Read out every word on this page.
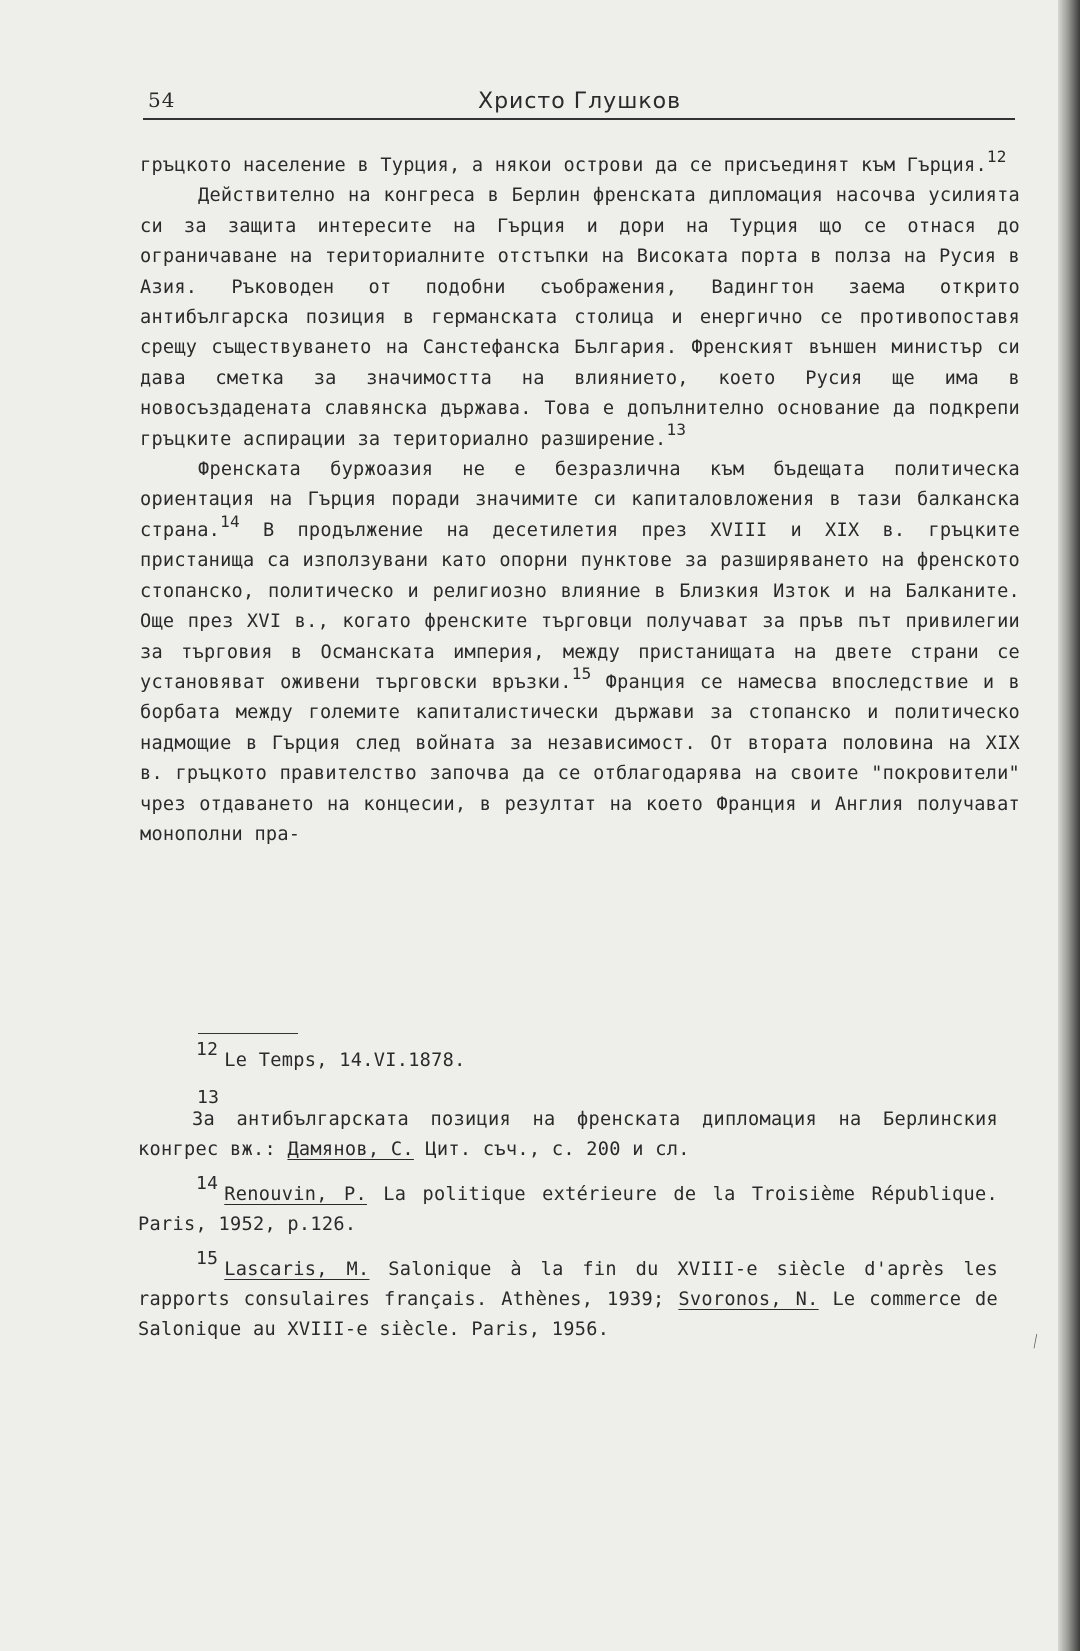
54	Христо Глушков

гръцкото население в Турция, а някои острови да се присъединят към Гърция.$^{12}$

Действително на конгреса в Берлин френската дипломация насочва усилията си за защита интересите на Гърция и дори на Турция що се отнася до ограничаване на териториалните отстъпки на Високата порта в полза на Русия в Азия. Ръководен от подобни съображения, Вадингтон заема открито антибългарска позиция в германската столица и енергично се противопоставя срещу съществуването на Санстефанска България. Френският външен министър си дава сметка за значимостта на влиянието, което Русия ще има в новосъздадената славянска държава. Това е допълнително основание да подкрепи гръцките аспирации за териториално разширение.$^{13}$

Френската буржоазия не е безразлична към бъдещата политическа ориентация на Гърция поради значимите си капиталовложения в тази балканска страна.$^{14}$ В продължение на десетилетия през XVIII и XIX в. гръцките пристанища са използувани като опорни пунктове за разширяването на френското стопанско, политическо и религиозно влияние в Близкия Изток и на Балканите. Още през XVI в., когато френските търговци получават за пръв път привилегии за търговия в Османската империя, между пристанищата на двете страни се установяват оживени търговски връзки.$^{15}$ Франция се намесва впоследствие и в борбата между големите капиталистически държави за стопанско и политическо надмощие в Гърция след войната за независимост. От втората половина на XIX в. гръцкото правителство започва да се отблагодарява на своите "покровители" чрез отдаването на концесии, в резултат на което Франция и Англия получават монополни пра-

12Le Temps, 14.VI.1878.

13
За антибългарската позиция на френската дипломация на Берлинския конгрес вж.: Дамянов, С. Цит. съч., с. 200 и сл.

14Renouvin, P. La politique extérieure de la Troisième République. Paris, 1952, p.126.

15Lascaris, M. Salonique à la fin du XVIII-e siècle d'après les rapports consulaires français. Athènes, 1939; Svoronos, N. Le commerce de Salonique au XVIII-e siècle. Paris, 1956.

⁄
